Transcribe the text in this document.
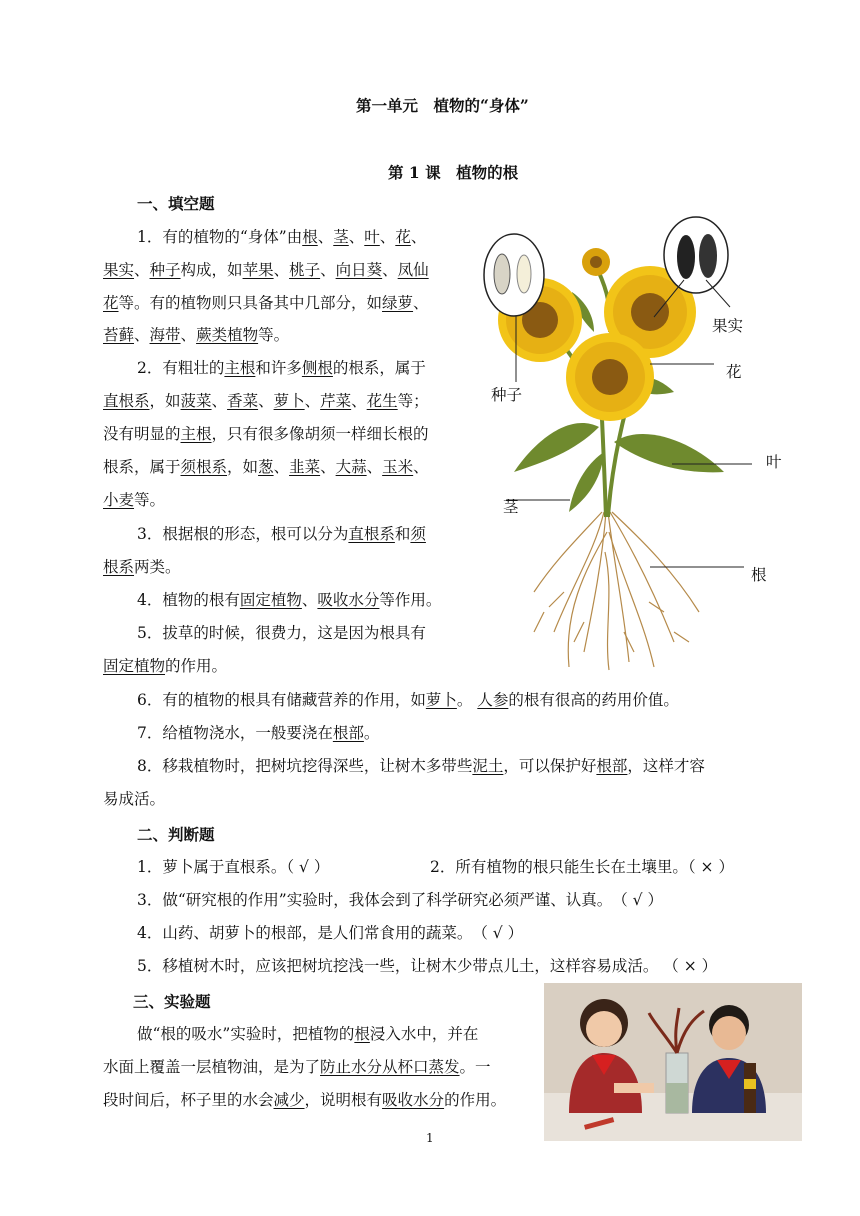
第一单元　植物的“身体”
第 1 课　植物的根
一、填空题
1．有的植物的“身体”由根、茎、叶、花、
果实、种子构成，如苹果、桃子、向日葵、凤仙
花等。有的植物则只具备其中几部分，如绿萝、
苔藓、海带、蕨类植物等。
2．有粗壮的主根和许多侧根的根系，属于
直根系，如菠菜、香菜、萝卜、芹菜、花生等；
没有明显的主根，只有很多像胡须一样细长根的
根系，属于须根系，如葱、韭菜、大蒜、玉米、
小麦等。
3．根据根的形态，根可以分为直根系和须
根系两类。
4．植物的根有固定植物、吸收水分等作用。
5．拔草的时候，很费力，这是因为根具有
固定植物的作用。
6．有的植物的根具有储藏营养的作用，如萝卜。 人参的根有很高的药用价值。
7．给植物浇水，一般要浇在根部。
8．移栽植物时，把树坑挖得深些，让树木多带些泥土，可以保护好根部，这样才容
易成活。
二、判断题
1．萝卜属于直根系。（ √ ）	2．所有植物的根只能生长在土壤里。（ × ）
3．做“研究根的作用”实验时，我体会到了科学研究必须严谨、认真。　（ √ ）
4．山药、胡萝卜的根部，是人们常食用的蔬菜。　（ √ ）
5．移植树木时，应该把树坑挖浅一些，让树木少带点儿土，这样容易成活。 （ × ）
三、实验题
做“根的吸水”实验时，把植物的根浸入水中，并在
水面上覆盖一层植物油，是为了防止水分从杯口蒸发。一
段时间后，杯子里的水会减少，说明根有吸收水分的作用。
果实
花
种子
叶
茎
根
1
